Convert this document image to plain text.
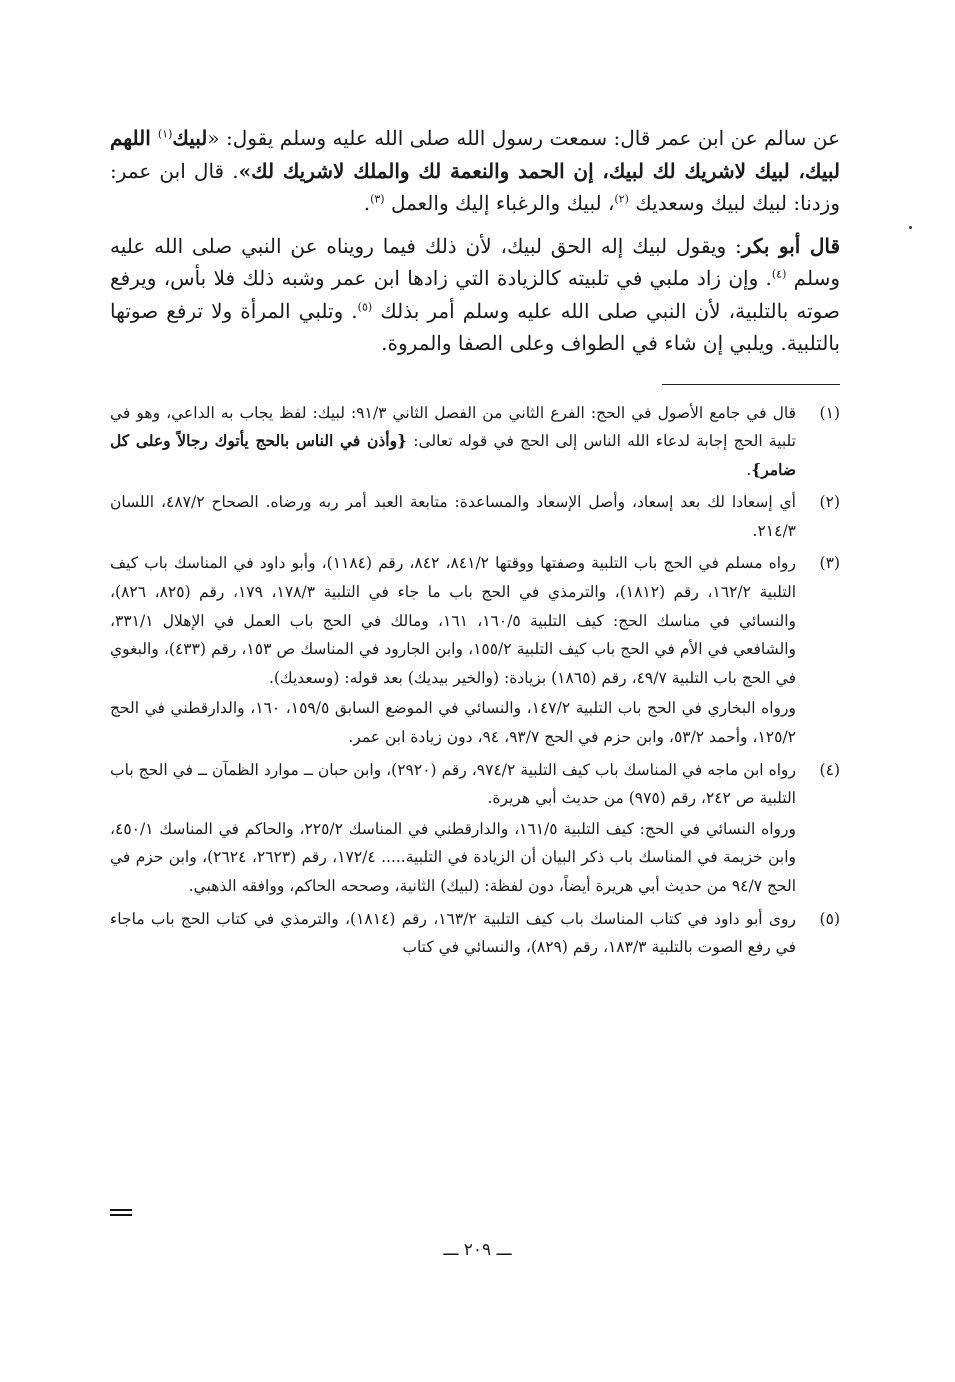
عن سالم عن ابن عمر قال: سمعت رسول الله صلى الله عليه وسلم يقول: «لبيك$^{(١)}$ اللهم لبيك، لبيك لاشريك لك لبيك، إن الحمد والنعمة لك والملك لاشريك لك». قال ابن عمر: وزدنا: لبيك لبيك وسعديك $^{(٢)}$، لبيك والرغباء إليك والعمل $^{(٣)}$.

قال أبو بكر: ويقول لبيك إله الحق لبيك، لأن ذلك فيما رويناه عن النبي صلى الله عليه وسلم $^{(٤)}$. وإن زاد ملبي في تلبيته كالزيادة التي زادها ابن عمر وشبه ذلك فلا بأس، ويرفع صوته بالتلبية، لأن النبي صلى الله عليه وسلم أمر بذلك $^{(٥)}$. وتلبي المرأة ولا ترفع صوتها بالتلبية. ويلبي إن شاء في الطواف وعلى الصفا والمروة.

(١)

قال في جامع الأصول في الحج: الفرع الثاني من الفصل الثاني ٩١/٣: لبيك: لفظ يجاب به الداعي، وهو في تلبية الحج إجابة لدعاء الله الناس إلى الحج في قوله تعالى: {وأذن في الناس بالحج يأتوك رجالاً وعلى كل ضامر}.

(٢)

أي إسعادا لك بعد إسعاد، وأصل الإسعاد والمساعدة: متابعة العبد أمر ربه ورضاه. الصحاح ٤٨٧/٢، اللسان ٢١٤/٣.

(٣)

رواه مسلم في الحج باب التلبية وصفتها ووقتها ٨٤١/٢، ٨٤٢، رقم (١١٨٤)، وأبو داود في المناسك باب كيف التلبية ١٦٢/٢، رقم (١٨١٢)، والترمذي في الحج باب ما جاء في التلبية ١٧٨/٣، ١٧٩، رقم (٨٢٥، ٨٢٦)، والنسائي في مناسك الحج: كيف التلبية ١٦٠/٥، ١٦١، ومالك في الحج باب العمل في الإهلال ٣٣١/١، والشافعي في الأم في الحج باب كيف التلبية ١٥٥/٢، وابن الجارود في المناسك ص ١٥٣، رقم (٤٣٣)، والبغوي في الحج باب التلبية ٤٩/٧، رقم (١٨٦٥) بزيادة: (والخير بيديك) بعد قوله: (وسعديك).

ورواه البخاري في الحج باب التلبية ١٤٧/٢، والنسائي في الموضع السابق ١٥٩/٥، ١٦٠، والدارقطني في الحج ١٢٥/٢، وأحمد ٥٣/٢، وابن حزم في الحج ٩٣/٧، ٩٤، دون زيادة ابن عمر.

(٤)

رواه ابن ماجه في المناسك باب كيف التلبية ٩٧٤/٢، رقم (٢٩٢٠)، وابن حبان ــ موارد الظمآن ــ في الحج باب التلبية ص ٢٤٢، رقم (٩٧٥) من حديث أبي هريرة.

ورواه النسائي في الحج: كيف التلبية ١٦١/٥، والدارقطني في المناسك ٢٢٥/٢، والحاكم في المناسك ٤٥٠/١، وابن خزيمة في المناسك باب ذكر البيان أن الزيادة في التلبية..... ١٧٢/٤، رقم (٢٦٢٣، ٢٦٢٤)، وابن حزم في الحج ٩٤/٧ من حديث أبي هريرة أيضاً، دون لفظة: (لبيك) الثانية، وصححه الحاكم، ووافقه الذهبي.

(٥)

روى أبو داود في كتاب المناسك باب كيف التلبية ١٦٣/٢، رقم (١٨١٤)، والترمذي في كتاب الحج باب ماجاء في رفع الصوت بالتلبية ١٨٣/٣، رقم (٨٢٩)، والنسائي في كتاب

ـــ ٢٠٩ ـــ
